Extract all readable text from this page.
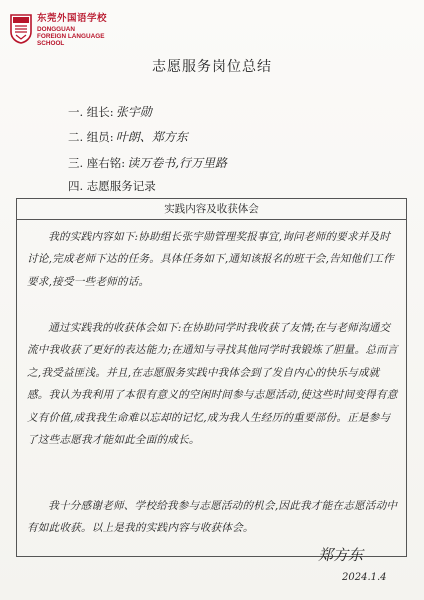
东莞外国语学校
DONGGUAN
FOREIGN LANGUAGE
SCHOOL
志愿服务岗位总结
一. 组长: 张宇勋
二. 组员: 叶朗、郑方东
三. 座右铭: 读万卷书,行万里路
四. 志愿服务记录
实践内容及收获体会
我的实践内容如下:协助组长张宇勋管理奖报事宜,询问老师的要求并及时讨论,完成老师下达的任务。具体任务如下,通知该报名的班干会,告知他们工作要求,接受一些老师的话。
通过实践我的收获体会如下:在协助同学时我收获了友情;在与老师沟通交流中我收获了更好的表达能力;在通知与寻找其他同学时我锻炼了胆量。总而言之,我受益匪浅。并且,在志愿服务实践中我体会到了发自内心的快乐与成就感。我认为我利用了本很有意义的空闲时间参与志愿活动,使这些时间变得有意义有价值,成我我生命难以忘却的记忆,成为我人生经历的重要部份。正是参与了这些志愿我才能如此全面的成长。
我十分感谢老师、学校给我参与志愿活动的机会,因此我才能在志愿活动中有如此收获。以上是我的实践内容与收获体会。
郑方东
2024.1.4
